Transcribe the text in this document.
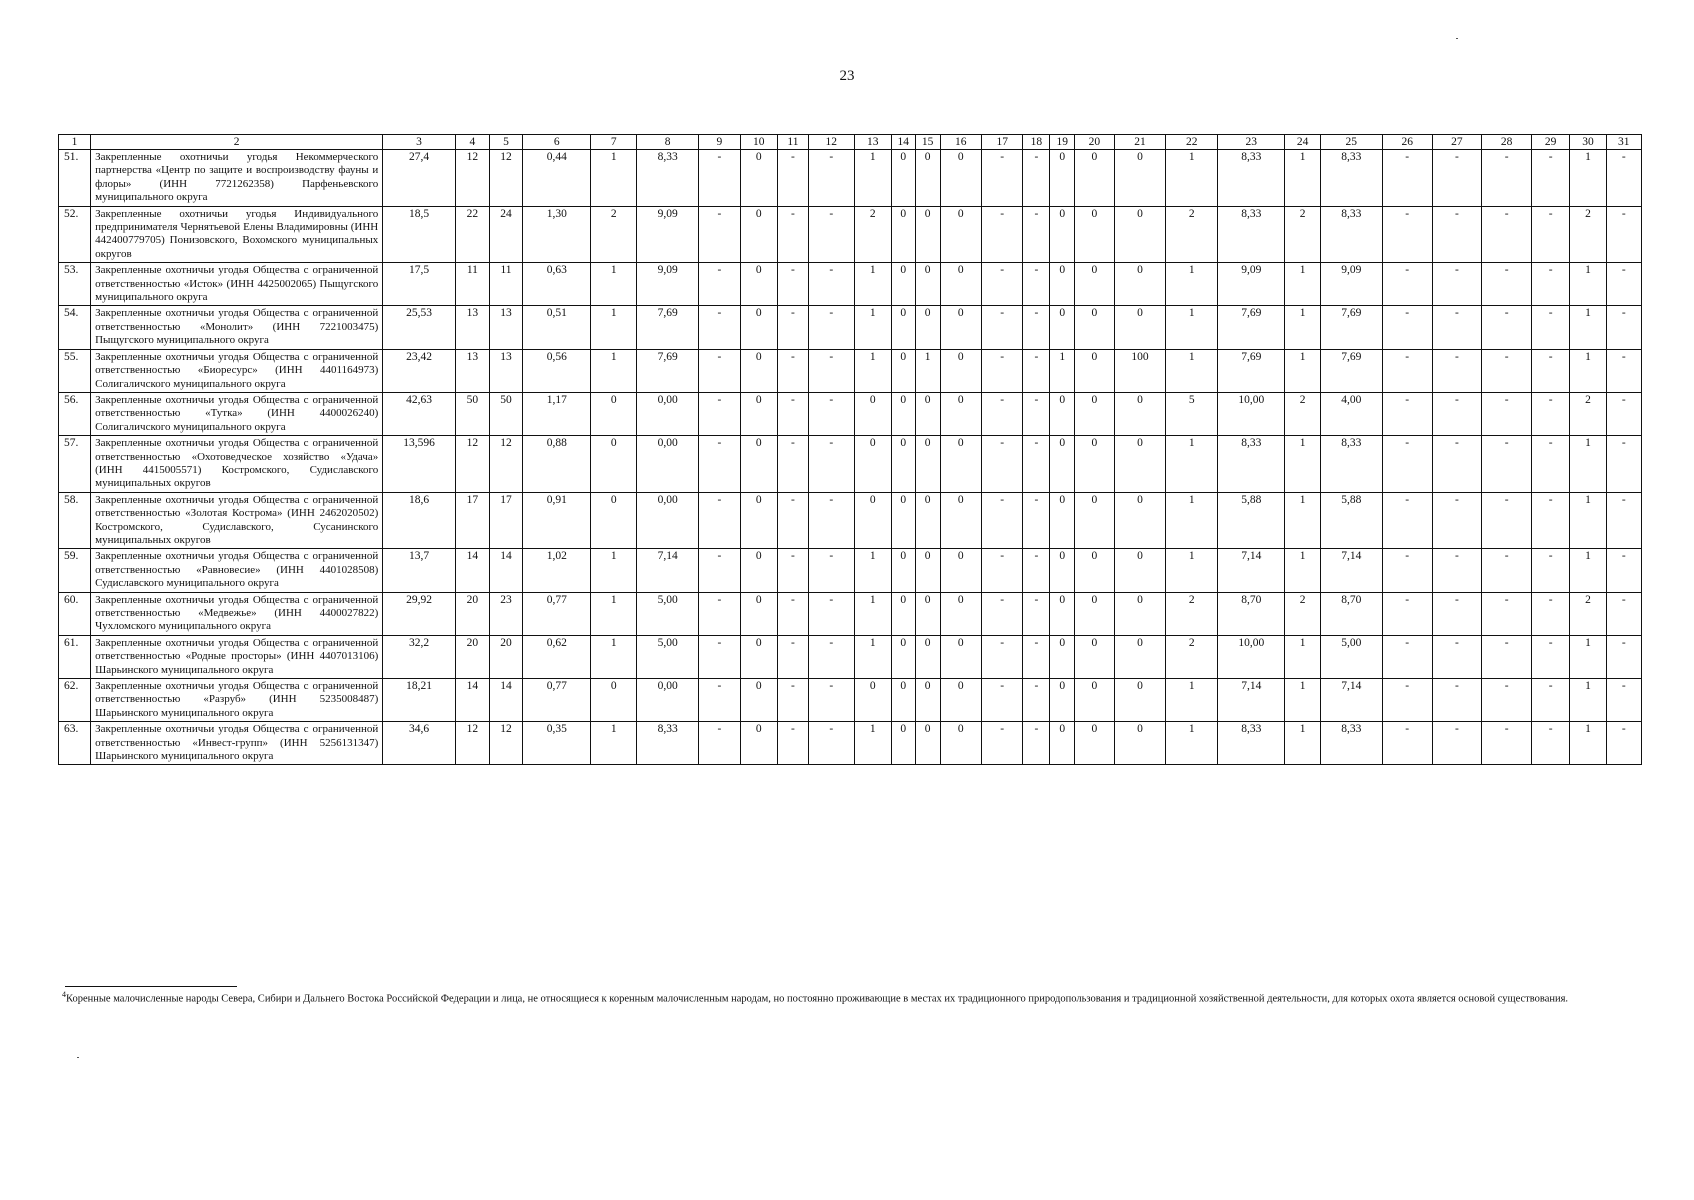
23
1	2	3	4	5	6	7	8	9	10	11	12	13	14	15	16	17	18	19	20	21	22	23	24	25	26	27	28	29	30	31
51.	Закрепленные охотничьи угодья Некоммерческого партнерства «Центр по защите и воспроизводству фауны и флоры» (ИНН 7721262358) Парфеньевского муниципального округа	27,4	12	12	0,44	1	8,33	-	0	-	-	1	0	0	0	-	-	0	0	0	1	8,33	1	8,33	-	-	-	-	1	-
52.	Закрепленные охотничьи угодья Индивидуального предпринимателя Чернятьевой Елены Владимировны (ИНН 442400779705) Понизовского, Вохомского муниципальных округов	18,5	22	24	1,30	2	9,09	-	0	-	-	2	0	0	0	-	-	0	0	0	2	8,33	2	8,33	-	-	-	-	2	-
53.	Закрепленные охотничьи угодья Общества с ограниченной ответственностью «Исток» (ИНН 4425002065) Пыщугского муниципального округа	17,5	11	11	0,63	1	9,09	-	0	-	-	1	0	0	0	-	-	0	0	0	1	9,09	1	9,09	-	-	-	-	1	-
54.	Закрепленные охотничьи угодья Общества с ограниченной ответственностью «Монолит» (ИНН 7221003475) Пыщугского муниципального округа	25,53	13	13	0,51	1	7,69	-	0	-	-	1	0	0	0	-	-	0	0	0	1	7,69	1	7,69	-	-	-	-	1	-
55.	Закрепленные охотничьи угодья Общества с ограниченной ответственностью «Биоресурс» (ИНН 4401164973) Солигаличского муниципального округа	23,42	13	13	0,56	1	7,69	-	0	-	-	1	0	1	0	-	-	1	0	100	1	7,69	1	7,69	-	-	-	-	1	-
56.	Закрепленные охотничьи угодья Общества с ограниченной ответственностью «Тутка» (ИНН 4400026240) Солигаличского муниципального округа	42,63	50	50	1,17	0	0,00	-	0	-	-	0	0	0	0	-	-	0	0	0	5	10,00	2	4,00	-	-	-	-	2	-
57.	Закрепленные охотничьи угодья Общества с ограниченной ответственностью «Охотоведческое хозяйство «Удача» (ИНН 4415005571) Костромского, Судиславского муниципальных округов	13,596	12	12	0,88	0	0,00	-	0	-	-	0	0	0	0	-	-	0	0	0	1	8,33	1	8,33	-	-	-	-	1	-
58.	Закрепленные охотничьи угодья Общества с ограниченной ответственностью «Золотая Кострома» (ИНН 2462020502) Костромского, Судиславского, Сусанинского муниципальных округов	18,6	17	17	0,91	0	0,00	-	0	-	-	0	0	0	0	-	-	0	0	0	1	5,88	1	5,88	-	-	-	-	1	-
59.	Закрепленные охотничьи угодья Общества с ограниченной ответственностью «Равновесие» (ИНН 4401028508) Судиславского муниципального округа	13,7	14	14	1,02	1	7,14	-	0	-	-	1	0	0	0	-	-	0	0	0	1	7,14	1	7,14	-	-	-	-	1	-
60.	Закрепленные охотничьи угодья Общества с ограниченной ответственностью «Медвежье» (ИНН 4400027822) Чухломского муниципального округа	29,92	20	23	0,77	1	5,00	-	0	-	-	1	0	0	0	-	-	0	0	0	2	8,70	2	8,70	-	-	-	-	2	-
61.	Закрепленные охотничьи угодья Общества с ограниченной ответственностью «Родные просторы» (ИНН 4407013106) Шарьинского муниципального округа	32,2	20	20	0,62	1	5,00	-	0	-	-	1	0	0	0	-	-	0	0	0	2	10,00	1	5,00	-	-	-	-	1	-
62.	Закрепленные охотничьи угодья Общества с ограниченной ответственностью «Разруб» (ИНН 5235008487) Шарьинского муниципального округа	18,21	14	14	0,77	0	0,00	-	0	-	-	0	0	0	0	-	-	0	0	0	1	7,14	1	7,14	-	-	-	-	1	-
63.	Закрепленные охотничьи угодья Общества с ограниченной ответственностью «Инвест-групп» (ИНН 5256131347) Шарьинского муниципального округа	34,6	12	12	0,35	1	8,33	-	0	-	-	1	0	0	0	-	-	0	0	0	1	8,33	1	8,33	-	-	-	-	1	-
$^4$Коренные малочисленные народы Севера, Сибири и Дальнего Востока Российской Федерации и лица, не относящиеся к коренным малочисленным народам, но постоянно проживающие в местах их традиционного природопользования и традиционной хозяйственной деятельности, для которых охота является основой существования.
